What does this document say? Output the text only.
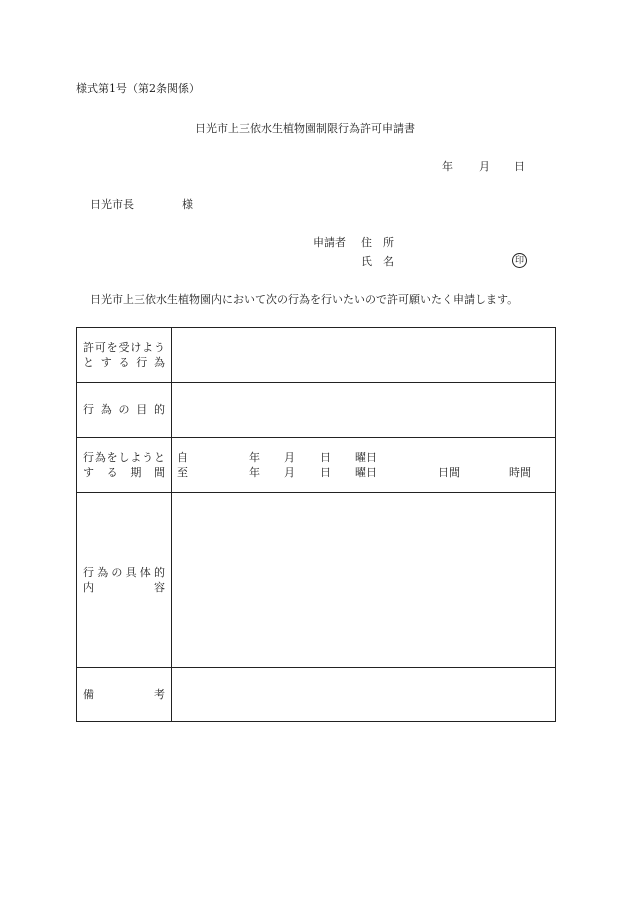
様式第1号（第2条関係）
日光市上三依水生植物園制限行為許可申請書
年 月 日
日光市長	様
申請者 住　所
氏　名	印
日光市上三依水生植物園内において次の行為を行いたいので許可願いたく申請します。
許可を受けよう
とする行為
行為の目的
行為をしようと
する期間
自	年 月 日 曜日
至	年 月 日 曜日	日間	時間
行為の具体的
内容
備考
